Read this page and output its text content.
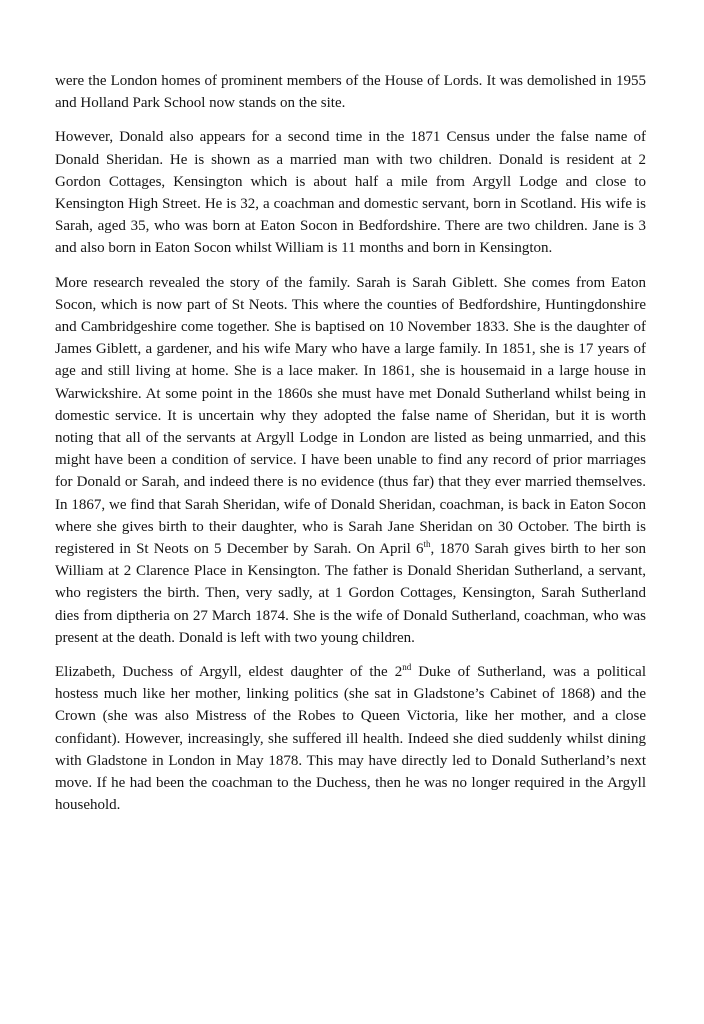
were the London homes of prominent members of the House of Lords. It was demolished in 1955 and Holland Park School now stands on the site.

However, Donald also appears for a second time in the 1871 Census under the false name of Donald Sheridan. He is shown as a married man with two children. Donald is resident at 2 Gordon Cottages, Kensington which is about half a mile from Argyll Lodge and close to Kensington High Street. He is 32, a coachman and domestic servant, born in Scotland. His wife is Sarah, aged 35, who was born at Eaton Socon in Bedfordshire. There are two children. Jane is 3 and also born in Eaton Socon whilst William is 11 months and born in Kensington.

More research revealed the story of the family. Sarah is Sarah Giblett. She comes from Eaton Socon, which is now part of St Neots. This where the counties of Bedfordshire, Huntingdonshire and Cambridgeshire come together. She is baptised on 10 November 1833. She is the daughter of James Giblett, a gardener, and his wife Mary who have a large family. In 1851, she is 17 years of age and still living at home. She is a lace maker. In 1861, she is housemaid in a large house in Warwickshire. At some point in the 1860s she must have met Donald Sutherland whilst being in domestic service. It is uncertain why they adopted the false name of Sheridan, but it is worth noting that all of the servants at Argyll Lodge in London are listed as being unmarried, and this might have been a condition of service. I have been unable to find any record of prior marriages for Donald or Sarah, and indeed there is no evidence (thus far) that they ever married themselves. In 1867, we find that Sarah Sheridan, wife of Donald Sheridan, coachman, is back in Eaton Socon where she gives birth to their daughter, who is Sarah Jane Sheridan on 30 October. The birth is registered in St Neots on 5 December by Sarah. On April 6th, 1870 Sarah gives birth to her son William at 2 Clarence Place in Kensington. The father is Donald Sheridan Sutherland, a servant, who registers the birth. Then, very sadly, at 1 Gordon Cottages, Kensington, Sarah Sutherland dies from diptheria on 27 March 1874. She is the wife of Donald Sutherland, coachman, who was present at the death. Donald is left with two young children.

Elizabeth, Duchess of Argyll, eldest daughter of the 2nd Duke of Sutherland, was a political hostess much like her mother, linking politics (she sat in Gladstone’s Cabinet of 1868) and the Crown (she was also Mistress of the Robes to Queen Victoria, like her mother, and a close confidant). However, increasingly, she suffered ill health. Indeed she died suddenly whilst dining with Gladstone in London in May 1878. This may have directly led to Donald Sutherland’s next move. If he had been the coachman to the Duchess, then he was no longer required in the Argyll household.
